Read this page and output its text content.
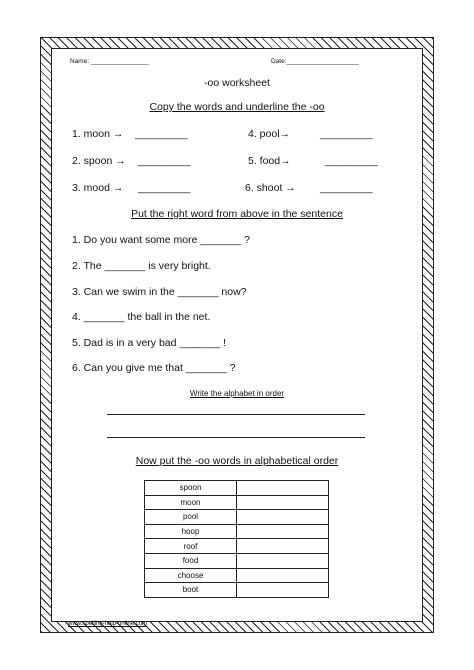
Name: ________________	Date:____________________
-oo worksheet
Copy the words and underline the -oo
1. moon → _________	4. pool→	_________
2. spoon → _________	5. food→	_________
3. mood → _________	6. shoot → _________
Put the right word from above in the sentence
1. Do you want some more _______ ?
2. The _______ is very bright.
3. Can we swim in the _______ now?
4. _______ the ball in the net.
5. Dad is in a very bad _______ !
6. Can you give me that _______ ?
Write the alphabet in order
Now put the -oo words in alphabetical order
spoon	
moon	
pool	
hoop	
roof	
food	
choose	
boot	
www.spelling-help-online.com
